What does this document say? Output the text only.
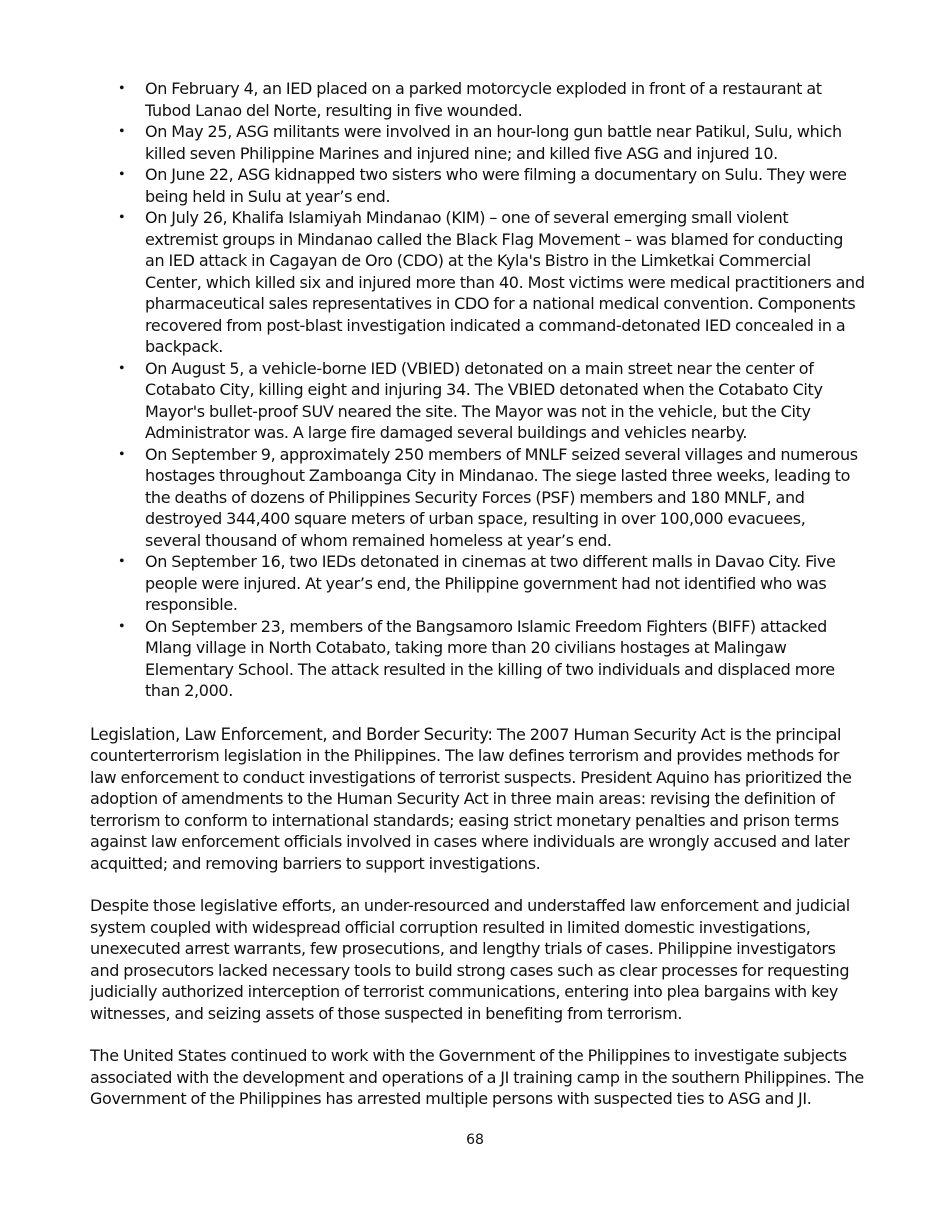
• On February 4, an IED placed on a parked motorcycle exploded in front of a restaurant at Tubod Lanao del Norte, resulting in five wounded.
• On May 25, ASG militants were involved in an hour-long gun battle near Patikul, Sulu, which killed seven Philippine Marines and injured nine; and killed five ASG and injured 10.
• On June 22, ASG kidnapped two sisters who were filming a documentary on Sulu. They were being held in Sulu at year’s end.
• On July 26, Khalifa Islamiyah Mindanao (KIM) – one of several emerging small violent extremist groups in Mindanao called the Black Flag Movement – was blamed for conducting an IED attack in Cagayan de Oro (CDO) at the Kyla's Bistro in the Limketkai Commercial Center, which killed six and injured more than 40. Most victims were medical practitioners and pharmaceutical sales representatives in CDO for a national medical convention. Components recovered from post-blast investigation indicated a command-detonated IED concealed in a backpack.
• On August 5, a vehicle-borne IED (VBIED) detonated on a main street near the center of Cotabato City, killing eight and injuring 34. The VBIED detonated when the Cotabato City Mayor's bullet-proof SUV neared the site. The Mayor was not in the vehicle, but the City Administrator was. A large fire damaged several buildings and vehicles nearby.
• On September 9, approximately 250 members of MNLF seized several villages and numerous hostages throughout Zamboanga City in Mindanao. The siege lasted three weeks, leading to the deaths of dozens of Philippines Security Forces (PSF) members and 180 MNLF, and destroyed 344,400 square meters of urban space, resulting in over 100,000 evacuees, several thousand of whom remained homeless at year’s end.
• On September 16, two IEDs detonated in cinemas at two different malls in Davao City. Five people were injured. At year’s end, the Philippine government had not identified who was responsible.
• On September 23, members of the Bangsamoro Islamic Freedom Fighters (BIFF) attacked Mlang village in North Cotabato, taking more than 20 civilians hostages at Malingaw Elementary School. The attack resulted in the killing of two individuals and displaced more than 2,000.

Legislation, Law Enforcement, and Border Security: The 2007 Human Security Act is the principal counterterrorism legislation in the Philippines. The law defines terrorism and provides methods for law enforcement to conduct investigations of terrorist suspects. President Aquino has prioritized the adoption of amendments to the Human Security Act in three main areas: revising the definition of terrorism to conform to international standards; easing strict monetary penalties and prison terms against law enforcement officials involved in cases where individuals are wrongly accused and later acquitted; and removing barriers to support investigations.

Despite those legislative efforts, an under-resourced and understaffed law enforcement and judicial system coupled with widespread official corruption resulted in limited domestic investigations, unexecuted arrest warrants, few prosecutions, and lengthy trials of cases. Philippine investigators and prosecutors lacked necessary tools to build strong cases such as clear processes for requesting judicially authorized interception of terrorist communications, entering into plea bargains with key witnesses, and seizing assets of those suspected in benefiting from terrorism.

The United States continued to work with the Government of the Philippines to investigate subjects associated with the development and operations of a JI training camp in the southern Philippines. The Government of the Philippines has arrested multiple persons with suspected ties to ASG and JI.

68
